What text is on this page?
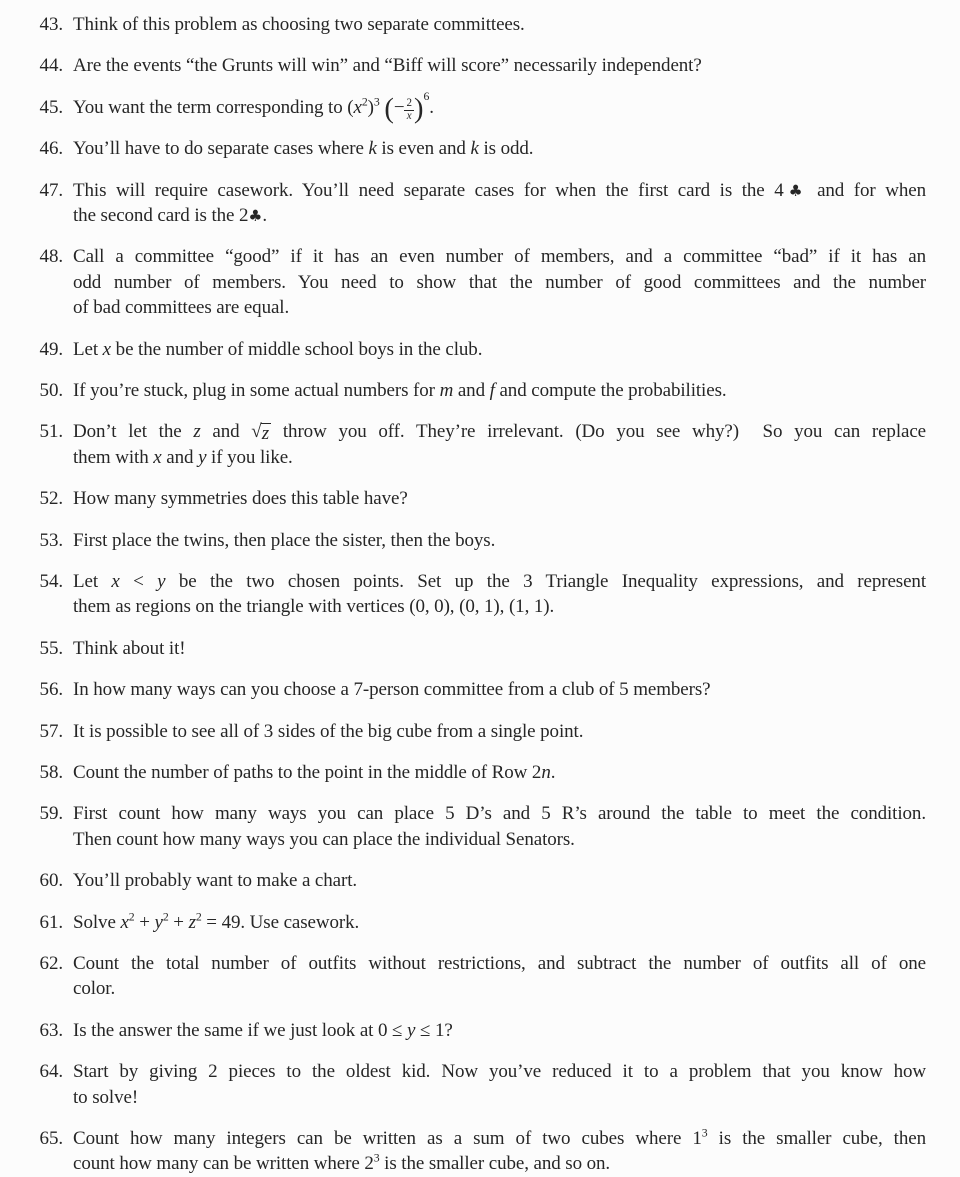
43. Think of this problem as choosing two separate committees.
44. Are the events “the Grunts will win” and “Biff will score” necessarily independent?
45. You want the term corresponding to $(x^2)^3$ (− $\frac{2}{x} )^6$.
46. You’ll have to do separate cases where k is even and k is odd.
47. This will require casework. You’ll need separate cases for when the first card is the 4♣ and for when
the second card is the 2♣.
48. Call a committee “good” if it has an even number of members, and a committee “bad” if it has an
odd number of members. You need to show that the number of good committees and the number
of bad committees are equal.
49. Let x be the number of middle school boys in the club.
50. If you’re stuck, plug in some actual numbers for m and f and compute the probabilities.
51. Don’t let the z and √z throw you off. They’re irrelevant. (Do you see why?)  So you can replace
them with x and y if you like.
52. How many symmetries does this table have?
53. First place the twins, then place the sister, then the boys.
54. Let x < y be the two chosen points. Set up the 3 Triangle Inequality expressions, and represent
them as regions on the triangle with vertices (0, 0), (0, 1), (1, 1).
55. Think about it!
56. In how many ways can you choose a 7-person committee from a club of 5 members?
57. It is possible to see all of 3 sides of the big cube from a single point.
58. Count the number of paths to the point in the middle of Row 2n.
59. First count how many ways you can place 5 D’s and 5 R’s around the table to meet the condition.
Then count how many ways you can place the individual Senators.
60. You’ll probably want to make a chart.
61. Solve $x^2 + y^2 + z^2 = 49$. Use casework.
62. Count the total number of outfits without restrictions, and subtract the number of outfits all of one
color.
63. Is the answer the same if we just look at 0 ≤ y ≤ 1?
64. Start by giving 2 pieces to the oldest kid. Now you’ve reduced it to a problem that you know how
to solve!
65. Count how many integers can be written as a sum of two cubes where $1^3$ is the smaller cube, then
count how many can be written where $2^3$ is the smaller cube, and so on.
